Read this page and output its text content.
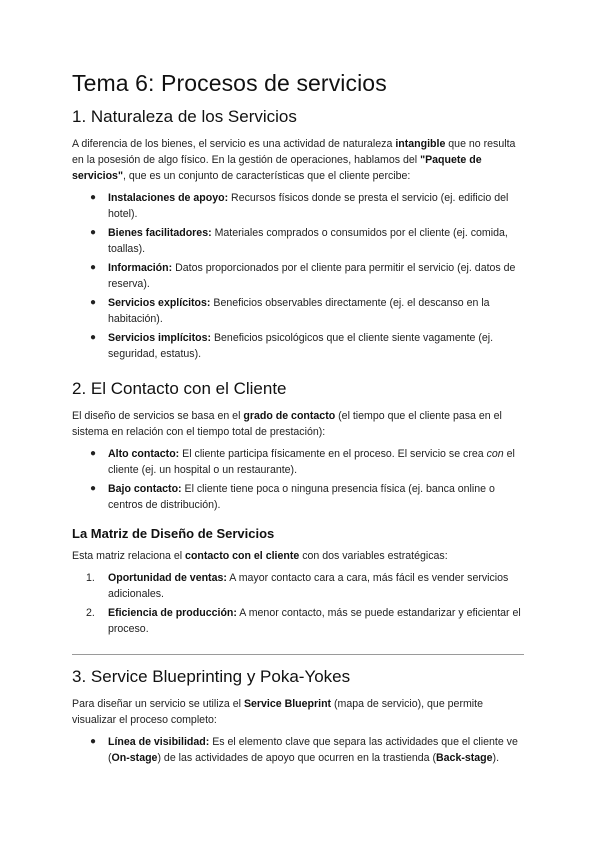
Tema 6: Procesos de servicios
1. Naturaleza de los Servicios

A diferencia de los bienes, el servicio es una actividad de naturaleza intangible que no resulta en la posesión de algo físico. En la gestión de operaciones, hablamos del "Paquete de servicios", que es un conjunto de características que el cliente percibe:

● Instalaciones de apoyo: Recursos físicos donde se presta el servicio (ej. edificio del hotel).
● Bienes facilitadores: Materiales comprados o consumidos por el cliente (ej. comida, toallas).
● Información: Datos proporcionados por el cliente para permitir el servicio (ej. datos de reserva).
● Servicios explícitos: Beneficios observables directamente (ej. el descanso en la habitación).
● Servicios implícitos: Beneficios psicológicos que el cliente siente vagamente (ej. seguridad, estatus).
2. El Contacto con el Cliente

El diseño de servicios se basa en el grado de contacto (el tiempo que el cliente pasa en el sistema en relación con el tiempo total de prestación):

● Alto contacto: El cliente participa físicamente en el proceso. El servicio se crea con el cliente (ej. un hospital o un restaurante).
● Bajo contacto: El cliente tiene poca o ninguna presencia física (ej. banca online o centros de distribución).
La Matriz de Diseño de Servicios

Esta matriz relaciona el contacto con el cliente con dos variables estratégicas:

1. Oportunidad de ventas: A mayor contacto cara a cara, más fácil es vender servicios adicionales.
2. Eficiencia de producción: A menor contacto, más se puede estandarizar y eficientar el proceso.
3. Service Blueprinting y Poka-Yokes

Para diseñar un servicio se utiliza el Service Blueprint (mapa de servicio), que permite visualizar el proceso completo:

● Línea de visibilidad: Es el elemento clave que separa las actividades que el cliente ve (On-stage) de las actividades de apoyo que ocurren en la trastienda (Back-stage).
